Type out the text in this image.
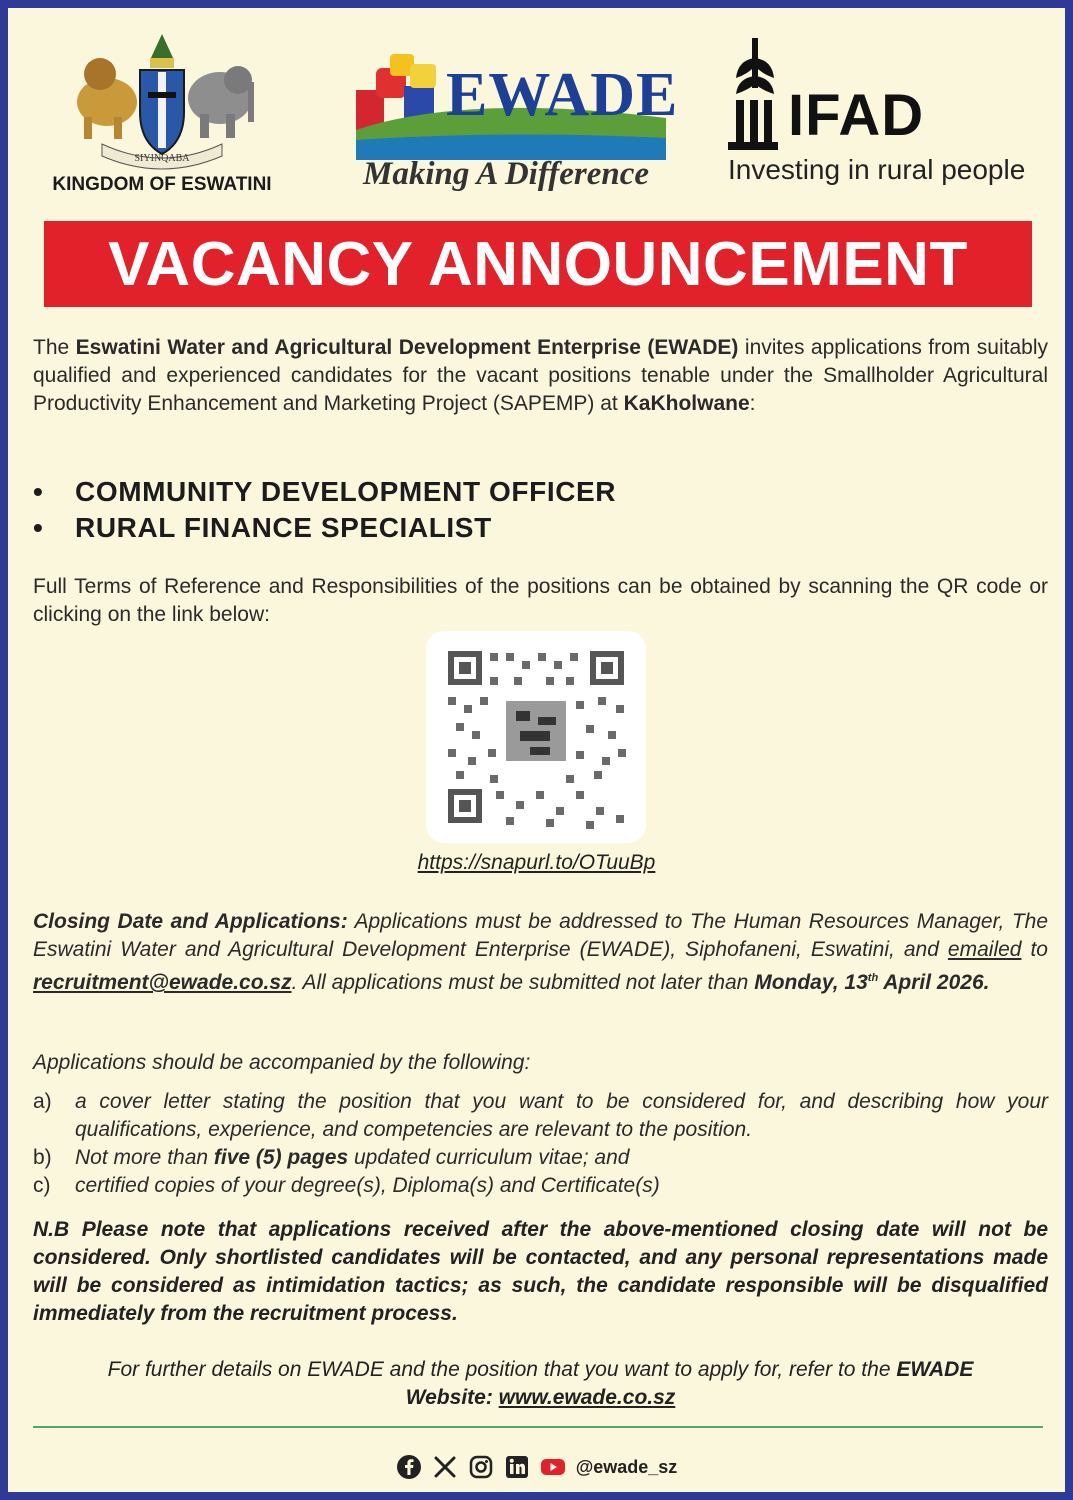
SIYINQABA
KINGDOM OF ESWATINI
EWADE
Making A Difference
IFAD
Investing in rural people
VACANCY ANNOUNCEMENT
The Eswatini Water and Agricultural Development Enterprise (EWADE) invites applications from suitably qualified and experienced candidates for the vacant positions tenable under the Smallholder Agricultural Productivity Enhancement and Marketing Project (SAPEMP) at KaKholwane:
• COMMUNITY DEVELOPMENT OFFICER
• RURAL FINANCE SPECIALIST
Full Terms of Reference and Responsibilities of the positions can be obtained by scanning the QR code or clicking on the link below:
https://snapurl.to/OTuuBp
Closing Date and Applications: Applications must be addressed to The Human Resources Manager, The Eswatini Water and Agricultural Development Enterprise (EWADE), Siphofaneni, Eswatini, and emailed to recruitment@ewade.co.sz. All applications must be submitted not later than Monday, 13th April 2026.
Applications should be accompanied by the following:
a) a cover letter stating the position that you want to be considered for, and describing how your qualifications, experience, and competencies are relevant to the position.
b) Not more than five (5) pages updated curriculum vitae; and
c) certified copies of your degree(s), Diploma(s) and Certificate(s)
N.B Please note that applications received after the above-mentioned closing date will not be considered. Only shortlisted candidates will be contacted, and any personal representations made will be considered as intimidation tactics; as such, the candidate responsible will be disqualified immediately from the recruitment process.
For further details on EWADE and the position that you want to apply for, refer to the EWADE
Website: www.ewade.co.sz
@ewade_sz
